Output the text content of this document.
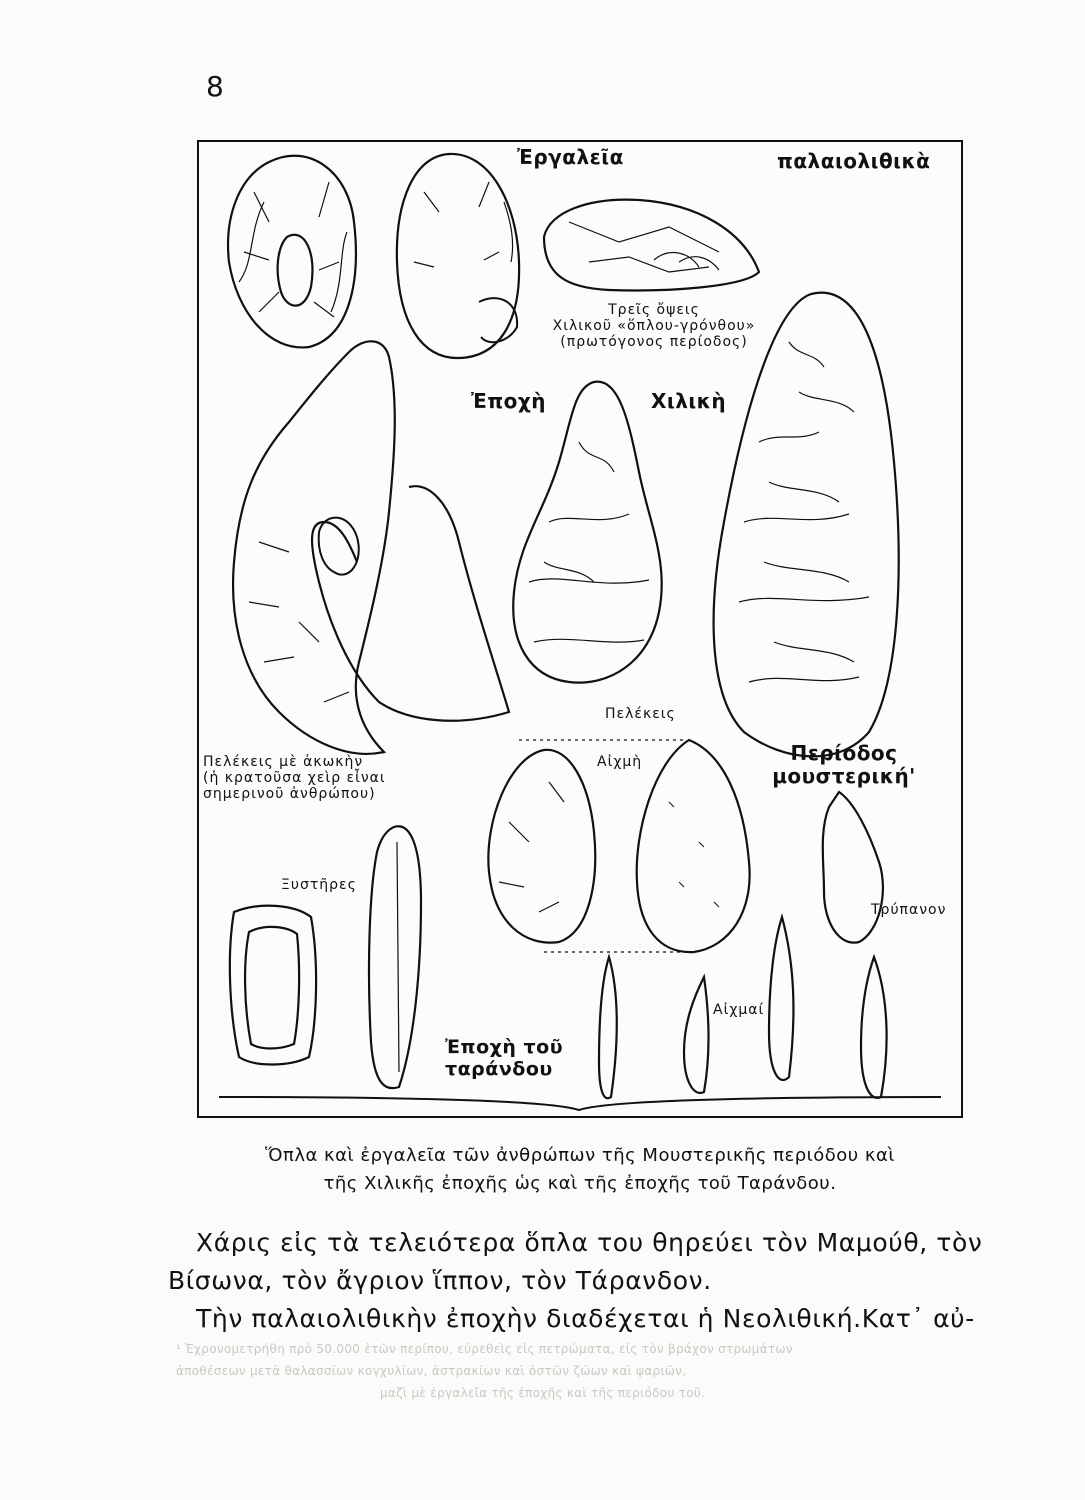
8
Ἐργαλεῖα	παλαιολιθικὰ
Τρεῖς ὄψεις
Χιλικοῦ «ὅπλου-γρόνθου»
(πρωτόγονος περίοδος)
Ἐποχὴ	Χιλικὴ
Πελέκεις
Πελέκεις μὲ ἀκωκὴν
(ἡ κρατοῦσα χεὶρ εἶναι
σημερινοῦ ἀνθρώπου)
Αἰχμὴ	Περίοδος
μουστερική'
Ξυστῆρες
Τρύπανον
Αἰχμαί
Ἐποχὴ τοῦ
ταράνδου
Ὅπλα καὶ ἐργαλεῖα τῶν ἀνθρώπων τῆς Μουστερικῆς περιόδου καὶ
τῆς Χιλικῆς ἐποχῆς ὡς καὶ τῆς ἐποχῆς τοῦ Ταράνδου.
Χάρις εἰς τὰ τελειότερα ὅπλα του θηρεύει τὸν Μαμούθ, τὸν
Βίσωνα, τὸν ἄγριον ἵππον, τὸν Τάρανδον.
Τὴν παλαιολιθικὴν ἐποχὴν διαδέχεται ἡ Νεολιθική.Κατ᾽ αὐ-
¹ Ἐχρονομετρήθη πρὸ 50.000 ἐτῶν περίπου, εὐρεθεὶς εἰς πετρώματα, εἰς τὸν βράχον στρωμάτων
ἀποθέσεων μετὰ θαλασσίων κογχυλίων, ἀστρακίων καὶ ὀστῶν ζώων καὶ ψαριῶν,
μαζὶ μὲ ἐργαλεῖα τῆς ἐποχῆς καὶ τῆς περιόδου τοῦ.
